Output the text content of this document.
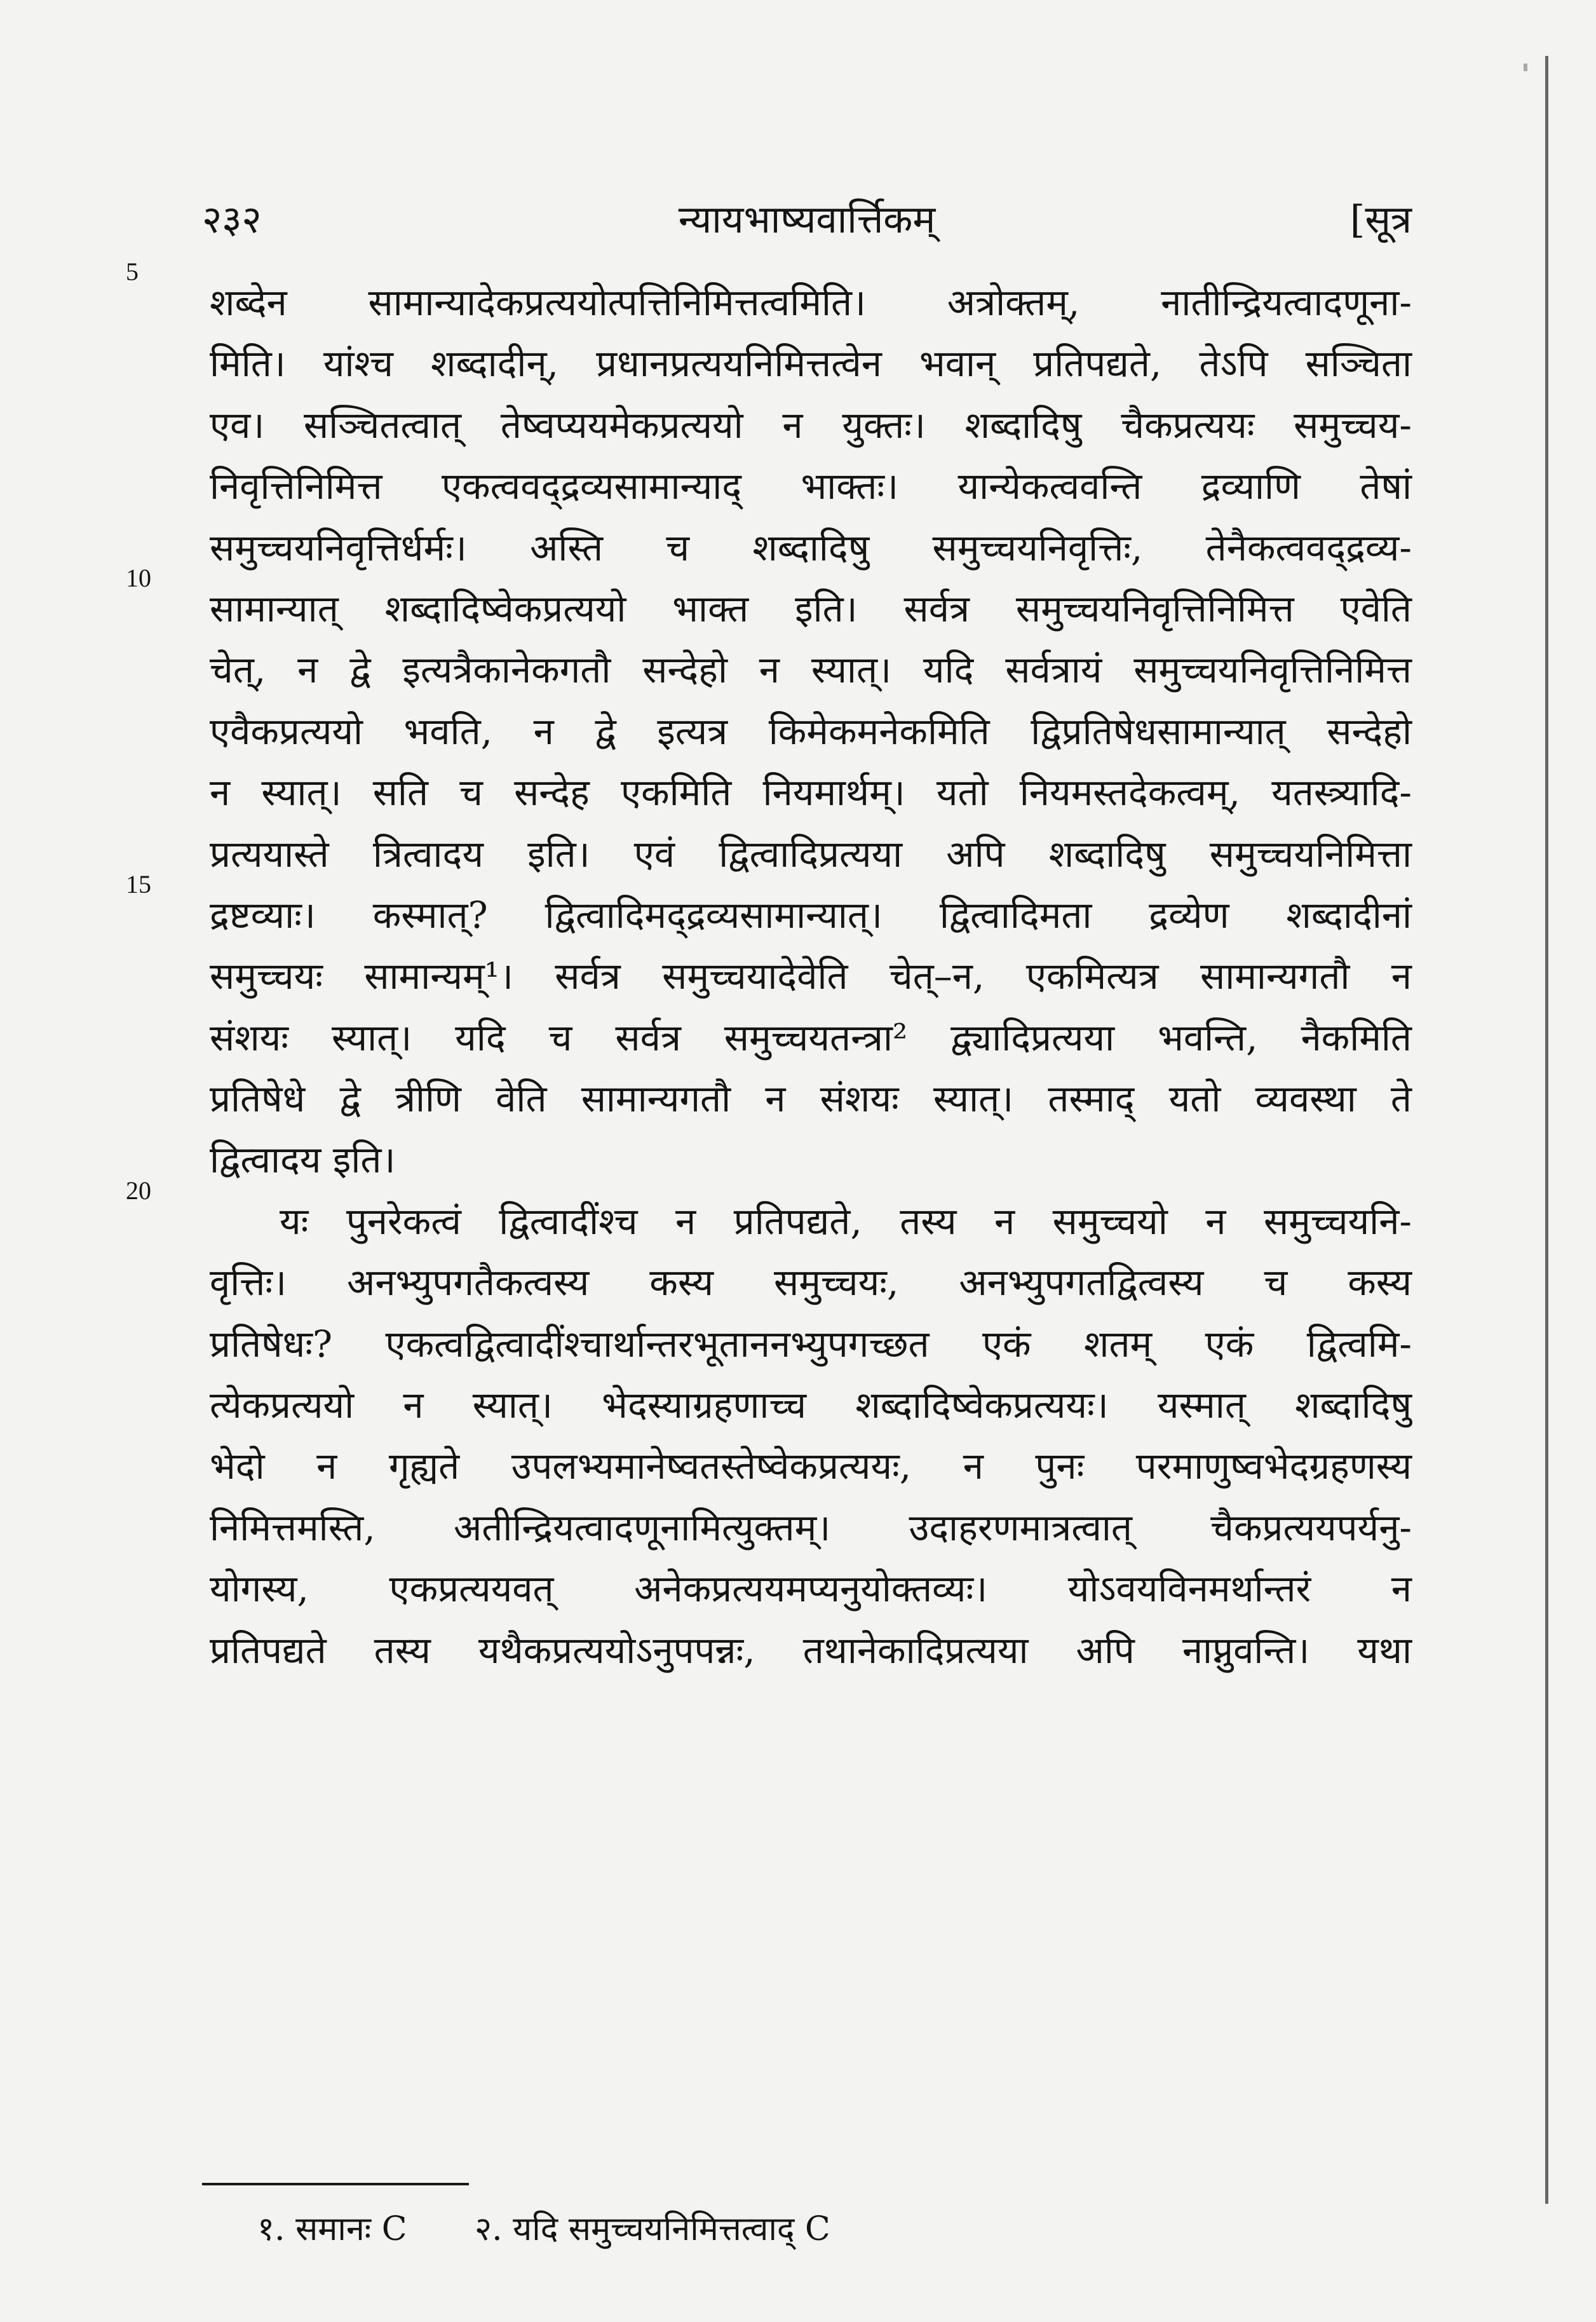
२३२	न्यायभाष्यवार्त्तिकम्	[सूत्र
5
10
15
20
शब्देन सामान्यादेकप्रत्ययोत्पत्तिनिमित्तत्वमिति। अत्रोक्तम्, नातीन्द्रियत्वादणूना-
मिति। यांश्च शब्दादीन्, प्रधानप्रत्ययनिमित्तत्वेन भवान् प्रतिपद्यते, तेऽपि सञ्चिता
एव। सञ्चितत्वात् तेष्वप्ययमेकप्रत्ययो न युक्तः। शब्दादिषु चैकप्रत्ययः समुच्चय-
निवृत्तिनिमित्त एकत्ववद्द्रव्यसामान्याद् भाक्तः। यान्येकत्ववन्ति द्रव्याणि तेषां
समुच्चयनिवृत्तिर्धर्मः। अस्ति च शब्दादिषु समुच्चयनिवृत्तिः, तेनैकत्ववद्द्रव्य-
सामान्यात् शब्दादिष्वेकप्रत्ययो भाक्त इति। सर्वत्र समुच्चयनिवृत्तिनिमित्त एवेति
चेत्, न द्वे इत्यत्रैकानेकगतौ सन्देहो न स्यात्। यदि सर्वत्रायं समुच्चयनिवृत्तिनिमित्त
एवैकप्रत्ययो भवति, न द्वे इत्यत्र किमेकमनेकमिति द्विप्रतिषेधसामान्यात् सन्देहो
न स्यात्। सति च सन्देह एकमिति नियमार्थम्। यतो नियमस्तदेकत्वम्, यतस्त्र्यादि-
प्रत्ययास्ते त्रित्वादय इति। एवं द्वित्वादिप्रत्यया अपि शब्दादिषु समुच्चयनिमित्ता
द्रष्टव्याः। कस्मात्? द्वित्वादिमद्द्रव्यसामान्यात्। द्वित्वादिमता द्रव्येण शब्दादीनां
समुच्चयः सामान्यम्¹। सर्वत्र समुच्चयादेवेति चेत्–न, एकमित्यत्र सामान्यगतौ न
संशयः स्यात्। यदि च सर्वत्र समुच्चयतन्त्रा² द्व्यादिप्रत्यया भवन्ति, नैकमिति
प्रतिषेधे द्वे त्रीणि वेति सामान्यगतौ न संशयः स्यात्। तस्माद् यतो व्यवस्था ते
द्वित्वादय इति।
यः पुनरेकत्वं द्वित्वादींश्च न प्रतिपद्यते, तस्य न समुच्चयो न समुच्चयनि-
वृत्तिः। अनभ्युपगतैकत्वस्य कस्य समुच्चयः, अनभ्युपगतद्वित्वस्य च कस्य
प्रतिषेधः? एकत्वद्वित्वादींश्चार्थान्तरभूताननभ्युपगच्छत एकं शतम् एकं द्वित्वमि-
त्येकप्रत्ययो न स्यात्। भेदस्याग्रहणाच्च शब्दादिष्वेकप्रत्ययः। यस्मात् शब्दादिषु
भेदो न गृह्यते उपलभ्यमानेष्वतस्तेष्वेकप्रत्ययः, न पुनः परमाणुष्वभेदग्रहणस्य
निमित्तमस्ति, अतीन्द्रियत्वादणूनामित्युक्तम्। उदाहरणमात्रत्वात् चैकप्रत्ययपर्यनु-
योगस्य, एकप्रत्ययवत् अनेकप्रत्ययमप्यनुयोक्तव्यः। योऽवयविनमर्थान्तरं न
प्रतिपद्यते तस्य यथैकप्रत्ययोऽनुपपन्नः, तथानेकादिप्रत्यया अपि नाप्नुवन्ति। यथा
१. समानः C २. यदि समुच्चयनिमित्तत्वाद् C
